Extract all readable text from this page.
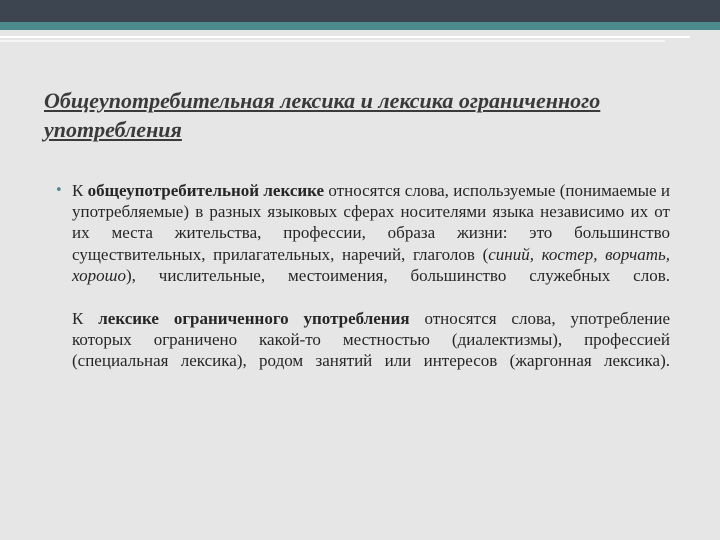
Общеупотребительная лексика и лексика ограниченного употребления

• К общеупотребительной лексике относятся слова, используемые (понимаемые и употребляемые) в разных языковых сферах носителями языка независимо их от их места жительства, профессии, образа жизни: это большинство существительных, прилагательных, наречий, глаголов (синий, костер, ворчать, хорошо), числительные, местоимения, большинство служебных слов.

К лексике ограниченного употребления относятся слова, употребление которых ограничено какой-то местностью (диалектизмы), профессией (специальная лексика), родом занятий или интересов (жаргонная лексика).
